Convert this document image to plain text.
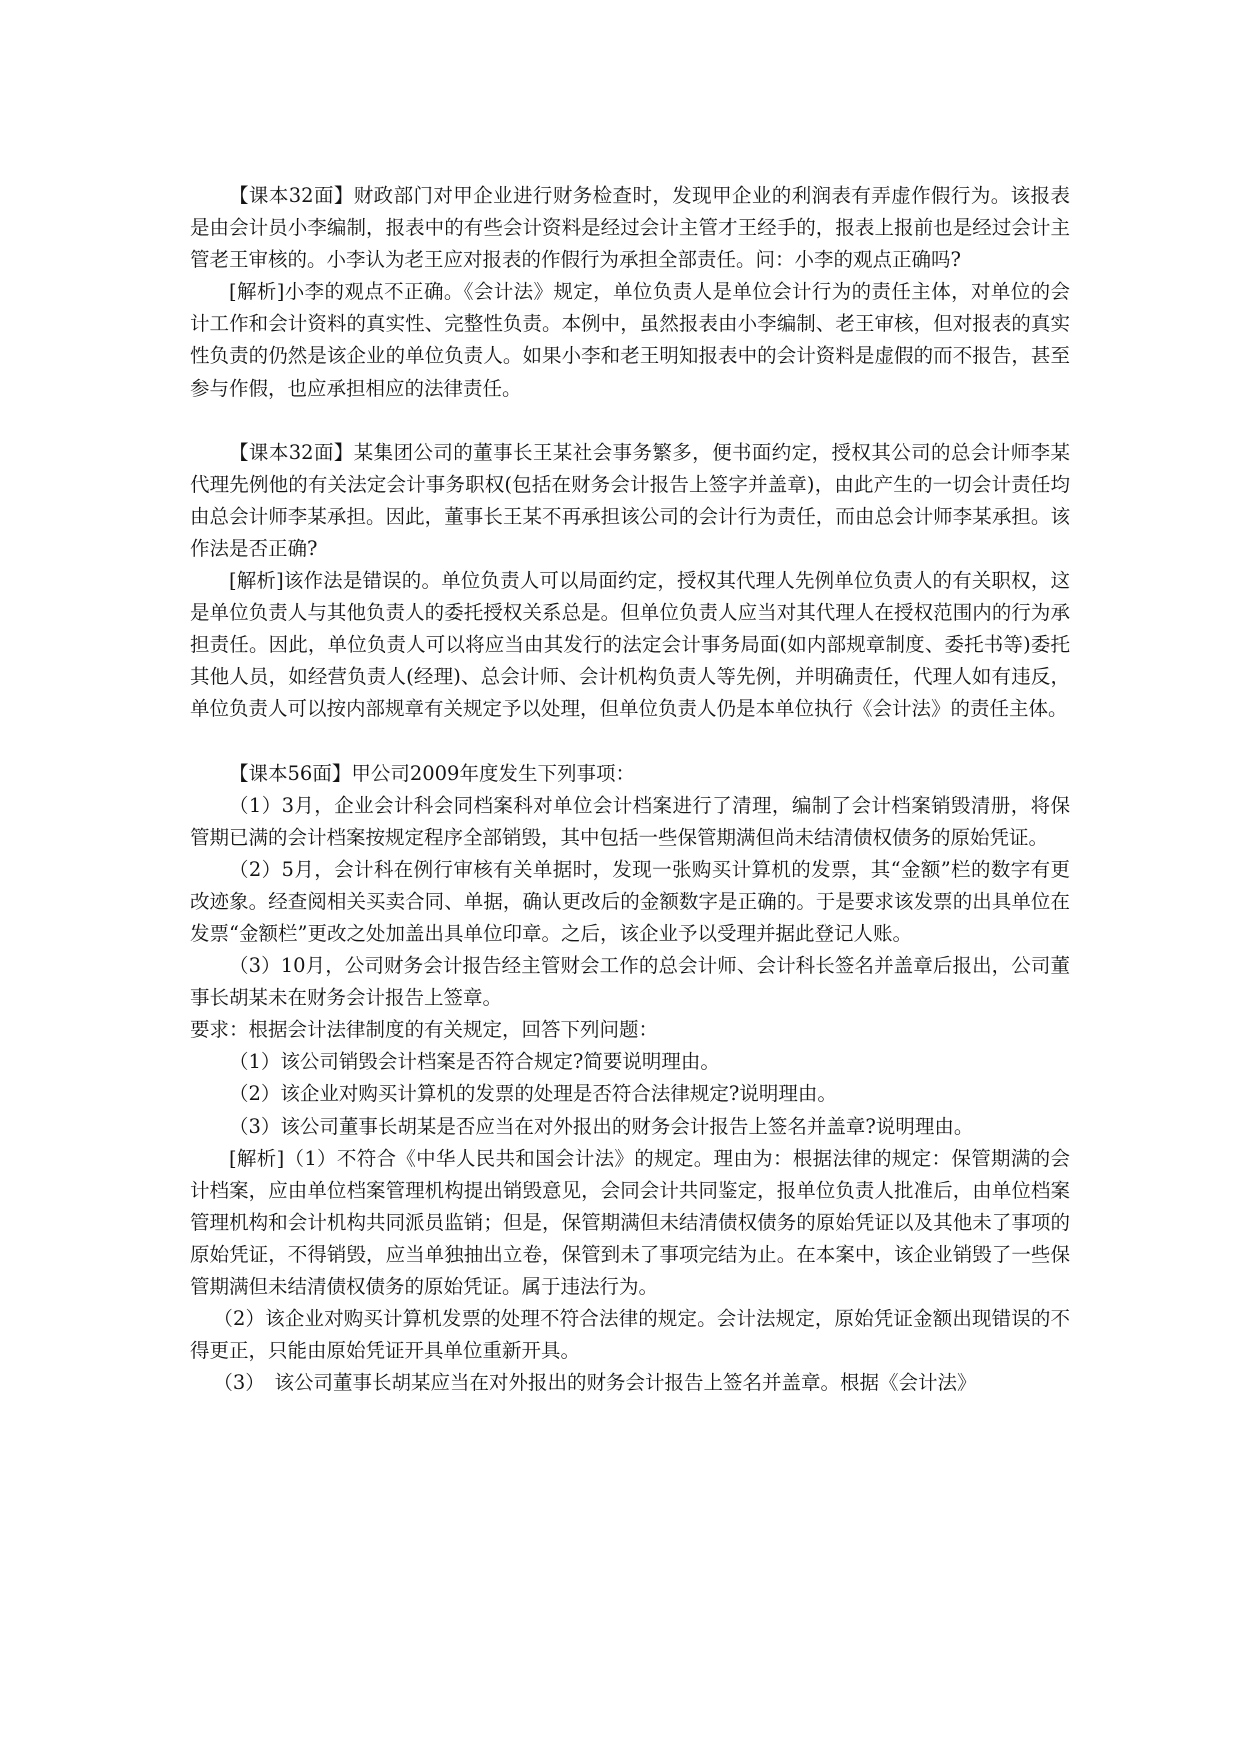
【课本32面】财政部门对甲企业进行财务检查时，发现甲企业的利润表有弄虚作假行为。该报表是由会计员小李编制，报表中的有些会计资料是经过会计主管才王经手的，报表上报前也是经过会计主管老王审核的。小李认为老王应对报表的作假行为承担全部责任。问：小李的观点正确吗?

[解析]小李的观点不正确。《会计法》规定，单位负责人是单位会计行为的责任主体，对单位的会计工作和会计资料的真实性、完整性负责。本例中，虽然报表由小李编制、老王审核，但对报表的真实性负责的仍然是该企业的单位负责人。如果小李和老王明知报表中的会计资料是虚假的而不报告，甚至参与作假，也应承担相应的法律责任。

【课本32面】某集团公司的董事长王某社会事务繁多，便书面约定，授权其公司的总会计师李某代理先例他的有关法定会计事务职权(包括在财务会计报告上签字并盖章)，由此产生的一切会计责任均由总会计师李某承担。因此，董事长王某不再承担该公司的会计行为责任，而由总会计师李某承担。该作法是否正确?

[解析]该作法是错误的。单位负责人可以局面约定，授权其代理人先例单位负责人的有关职权，这是单位负责人与其他负责人的委托授权关系总是。但单位负责人应当对其代理人在授权范围内的行为承担责任。因此，单位负责人可以将应当由其发行的法定会计事务局面(如内部规章制度、委托书等)委托其他人员，如经营负责人(经理)、总会计师、会计机构负责人等先例，并明确责任，代理人如有违反，单位负责人可以按内部规章有关规定予以处理，但单位负责人仍是本单位执行《会计法》的责任主体。

【课本56面】甲公司2009年度发生下列事项：

（1）3月，企业会计科会同档案科对单位会计档案进行了清理，编制了会计档案销毁清册，将保管期已满的会计档案按规定程序全部销毁，其中包括一些保管期满但尚未结清债权债务的原始凭证。

（2）5月，会计科在例行审核有关单据时，发现一张购买计算机的发票，其“金额”栏的数字有更改迹象。经查阅相关买卖合同、单据，确认更改后的金额数字是正确的。于是要求该发票的出具单位在发票“金额栏”更改之处加盖出具单位印章。之后，该企业予以受理并据此登记人账。

（3）10月，公司财务会计报告经主管财会工作的总会计师、会计科长签名并盖章后报出，公司董事长胡某未在财务会计报告上签章。

要求：根据会计法律制度的有关规定，回答下列问题：

（1）该公司销毁会计档案是否符合规定?简要说明理由。

（2）该企业对购买计算机的发票的处理是否符合法律规定?说明理由。

（3）该公司董事长胡某是否应当在对外报出的财务会计报告上签名并盖章?说明理由。

[解析]（1）不符合《中华人民共和国会计法》的规定。理由为：根据法律的规定：保管期满的会计档案，应由单位档案管理机构提出销毁意见，会同会计共同鉴定，报单位负责人批准后，由单位档案管理机构和会计机构共同派员监销；但是，保管期满但未结清债权债务的原始凭证以及其他未了事项的原始凭证，不得销毁，应当单独抽出立卷，保管到未了事项完结为止。在本案中，该企业销毁了一些保管期满但未结清债权债务的原始凭证。属于违法行为。

（2）该企业对购买计算机发票的处理不符合法律的规定。会计法规定，原始凭证金额出现错误的不得更正，只能由原始凭证开具单位重新开具。

（3）　该公司董事长胡某应当在对外报出的财务会计报告上签名并盖章。根据《会计法》
